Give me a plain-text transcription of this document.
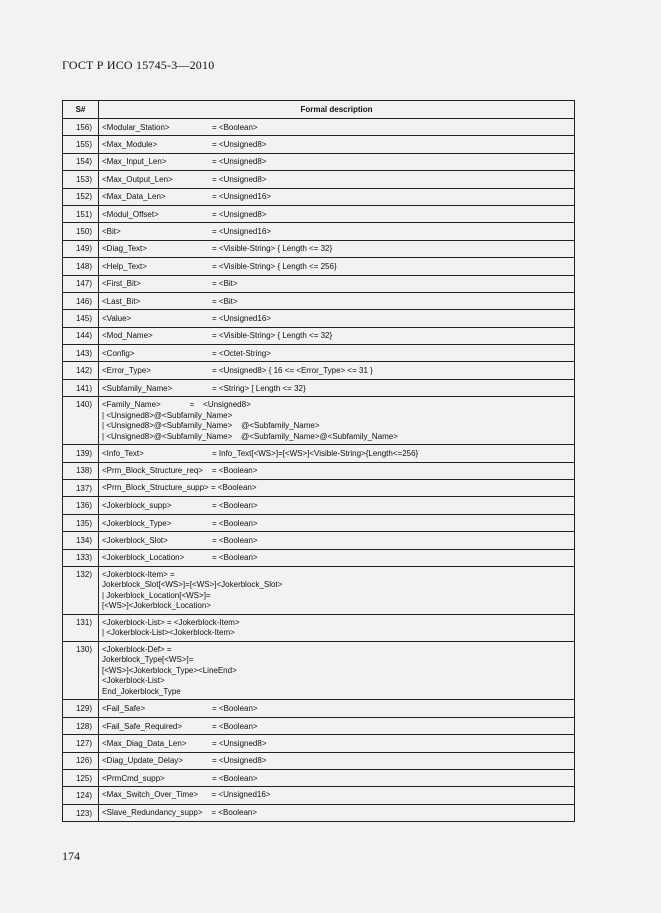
ГОСТ Р ИСО 15745-3—2010
S#	Formal description
156)	<Modular_Station> = <Boolean>
155)	<Max_Module> = <Unsigned8>
154)	<Max_Input_Len> = <Unsigned8>
153)	<Max_Output_Len> = <Unsigned8>
152)	<Max_Data_Len> = <Unsigned16>
151)	<Modul_Offset> = <Unsigned8>
150)	<Bit> = <Unsigned16>
149)	<Diag_Text> = <Visible-String> { Length <= 32}
148)	<Help_Text> = <Visible-String> { Length <= 256}
147)	<First_Bit> = <Bit>
146)	<Last_Bit> = <Bit>
145)	<Value> = <Unsigned16>
144)	<Mod_Name> = <Visible-String> { Length <= 32}
143)	<Config> = <Octet-String>
142)	<Error_Type> = <Unsigned8> { 16 <= <Error_Type> <= 31 }
141)	<Subfamily_Name> = <String> [ Length <= 32}
140)	<Family_Name>             =    <Unsigned8>
| <Unsigned8>@<Subfamily_Name>
| <Unsigned8>@<Subfamily_Name>    @<Subfamily_Name>
| <Unsigned8>@<Subfamily_Name>    @<Subfamily_Name>@<Subfamily_Name>

139)	<Info_Text> = Info_Text[<WS>]=[<WS>]<Visible-String>{Length<=256}
138)	<Prm_Block_Structure_req>    = <Boolean>
137)	<Prm_Block_Structure_supp> = <Boolean>
136)	<Jokerblock_supp> = <Boolean>
135)	<Jokerblock_Type> = <Boolean>
134)	<Jokerblock_Slot> = <Boolean>
133)	<Jokerblock_Location> = <Boolean>
132)	<Jokerblock-Item> =
Jokerblock_Slot[<WS>]=[<WS>]<Jokerblock_Slot>
| Jokerblock_Location[<WS>]=
[<WS>]<Jokerblock_Location>

131)	<Jokerblock-List> = <Jokerblock-Item>
| <Jokerblock-List><Jokerblock-Item>

130)	<Jokerblock-Def> =
Jokerblock_Type[<WS>]=
[<WS>]<Jokerblock_Type><LineEnd>
<Jokerblock-List>
End_Jokerblock_Type

129)	<Fail_Safe> = <Boolean>
128)	<Fail_Safe_Required> = <Boolean>
127)	<Max_Diag_Data_Len> = <Unsigned8>
126)	<Diag_Update_Delay> = <Unsigned8>
125)	<PrmCmd_supp> = <Boolean>
124)	<Max_Switch_Over_Time>      = <Unsigned16>
123)	<Slave_Redundancy_supp>    = <Boolean>
174
